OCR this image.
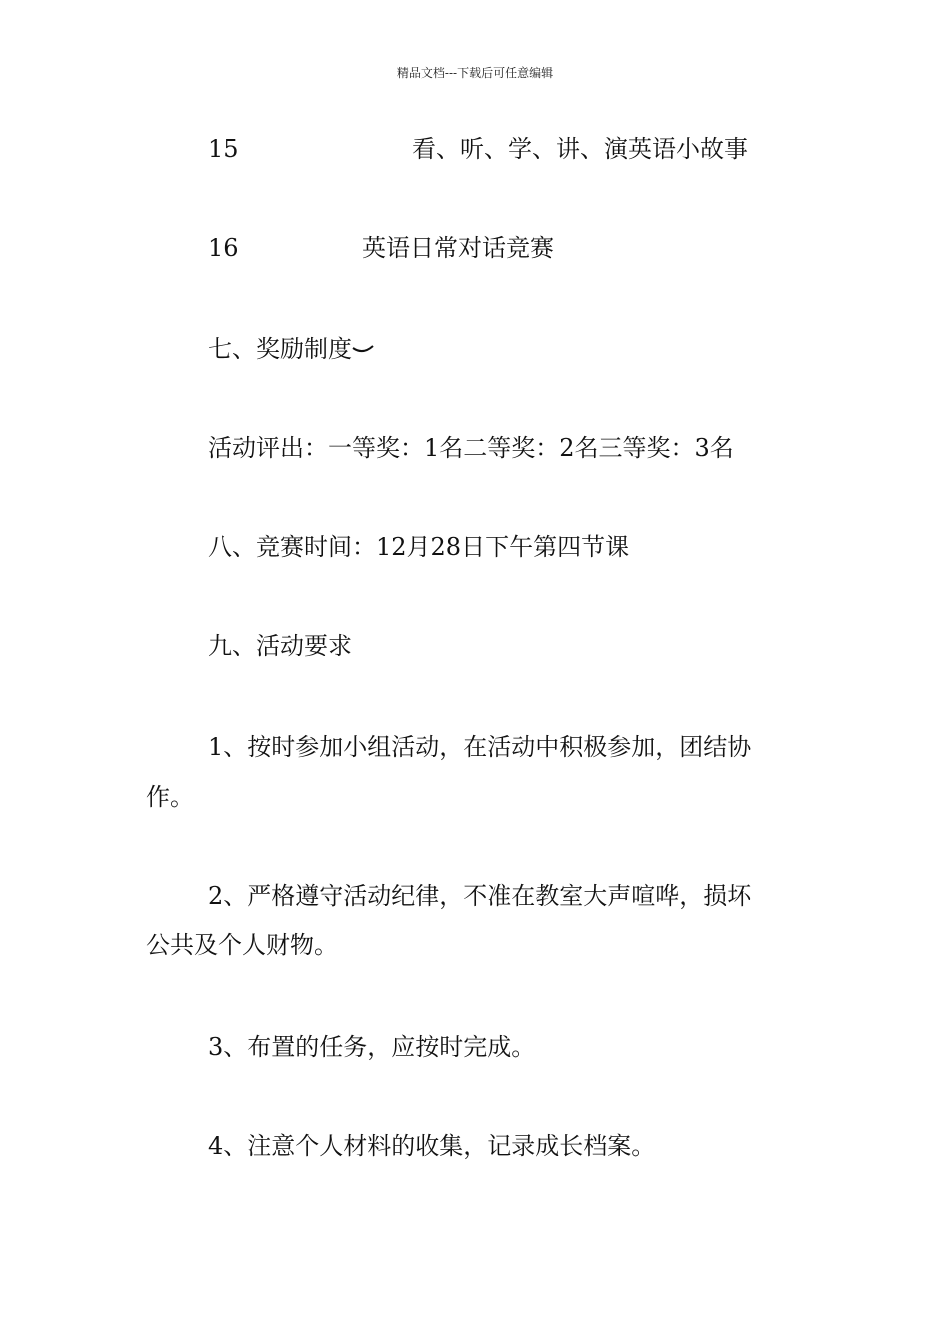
精品文档---下载后可任意编辑
15	看、听、学、讲、演英语小故事
16	英语日常对话竞赛
七、奖励制度
活动评出：一等奖：1名二等奖：2名三等奖：3名
八、竞赛时间：12月28日下午第四节课
九、活动要求
1、按时参加小组活动，在活动中积极参加，团结协
作。
2、严格遵守活动纪律，不准在教室大声喧哗，损坏
公共及个人财物。
3、布置的任务，应按时完成。
4、注意个人材料的收集，记录成长档案。
